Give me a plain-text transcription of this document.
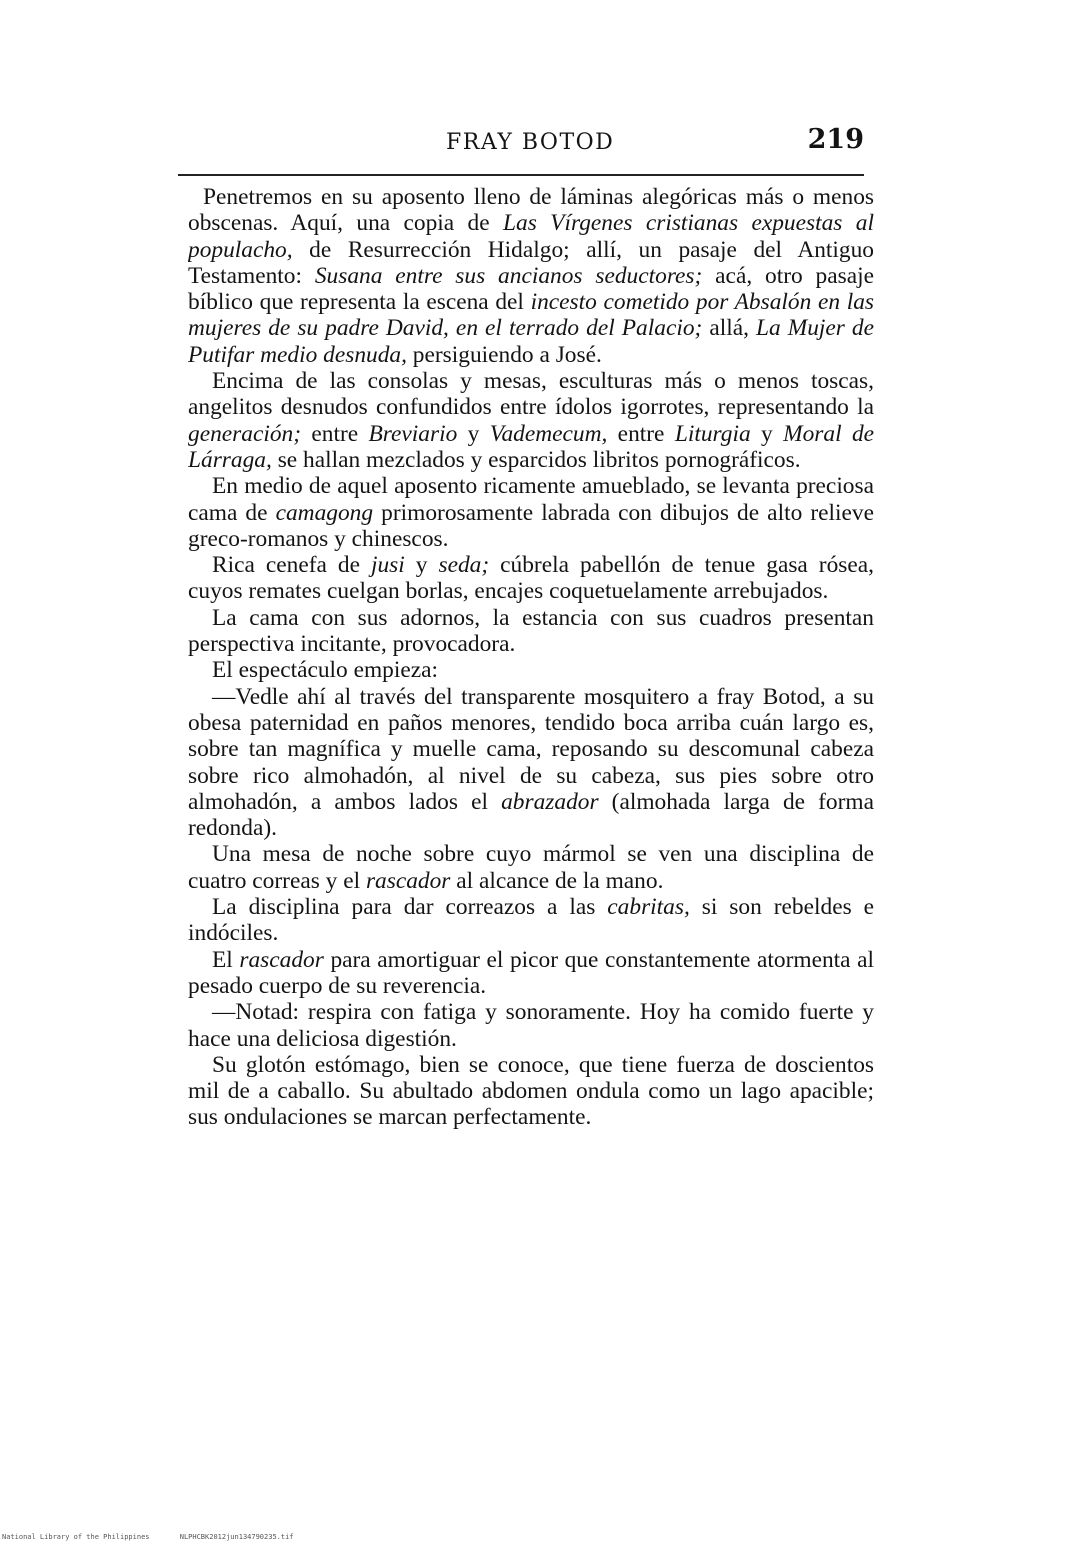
FRAY BOTOD	219

Penetremos en su aposento lleno de láminas alegóricas más o menos obscenas. Aquí, una copia de Las Vírgenes cristianas expuestas al populacho, de Resurrección Hidalgo; allí, un pasaje del Antiguo Testamento: Susana entre sus ancianos seductores; acá, otro pasaje bíblico que representa la escena del incesto cometido por Absalón en las mujeres de su padre David, en el terrado del Palacio; allá, La Mujer de Putifar medio desnuda, persiguiendo a José.

Encima de las consolas y mesas, esculturas más o menos toscas, angelitos desnudos confundidos entre ídolos igorrotes, representando la generación; entre Breviario y Vademecum, entre Liturgia y Moral de Lárraga, se hallan mezclados y esparcidos libritos pornográficos.

En medio de aquel aposento ricamente amueblado, se levanta preciosa cama de camagong primorosamente labrada con dibujos de alto relieve greco-romanos y chinescos.

Rica cenefa de jusi y seda; cúbrela pabellón de tenue gasa rósea, cuyos remates cuelgan borlas, encajes coquetuelamente arrebujados.

La cama con sus adornos, la estancia con sus cuadros presentan perspectiva incitante, provocadora.

El espectáculo empieza:

—Vedle ahí al través del transparente mosquitero a fray Botod, a su obesa paternidad en paños menores, tendido boca arriba cuán largo es, sobre tan magnífica y muelle cama, reposando su descomunal cabeza sobre rico almohadón, al nivel de su cabeza, sus pies sobre otro almohadón, a ambos lados el abrazador (almohada larga de forma redonda).

Una mesa de noche sobre cuyo mármol se ven una disciplina de cuatro correas y el rascador al alcance de la mano.

La disciplina para dar correazos a las cabritas, si son rebeldes e indóciles.

El rascador para amortiguar el picor que constantemente atormenta al pesado cuerpo de su reverencia.

—Notad: respira con fatiga y sonoramente. Hoy ha comido fuerte y hace una deliciosa digestión.

Su glotón estómago, bien se conoce, que tiene fuerza de doscientos mil de a caballo. Su abultado abdomen ondula como un lago apacible; sus ondulaciones se marcan perfectamente.

National Library of the Philippines	NLPHCBK2012jun134790235.tif
